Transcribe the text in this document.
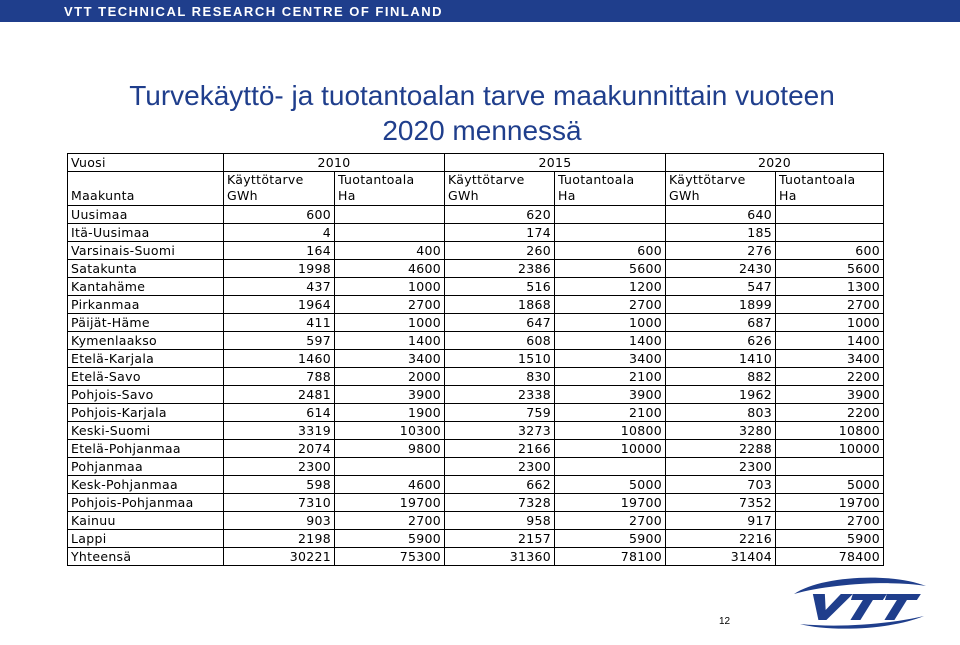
VTT TECHNICAL RESEARCH CENTRE OF FINLAND
Turvekäyttö- ja tuotantoalan tarve maakunnittain vuoteen
2020 mennessä
Vuosi	2010		2015		2020	
	Käyttötarve	Tuotantoala	Käyttötarve	Tuotantoala	Käyttötarve	Tuotantoala
Maakunta	GWh	Ha	GWh	Ha	GWh	Ha
Uusimaa	600		620		640	
Itä-Uusimaa	4		174		185	
Varsinais-Suomi	164	400	260	600	276	600
Satakunta	1998	4600	2386	5600	2430	5600
Kantahäme	437	1000	516	1200	547	1300
Pirkanmaa	1964	2700	1868	2700	1899	2700
Päijät-Häme	411	1000	647	1000	687	1000
Kymenlaakso	597	1400	608	1400	626	1400
Etelä-Karjala	1460	3400	1510	3400	1410	3400
Etelä-Savo	788	2000	830	2100	882	2200
Pohjois-Savo	2481	3900	2338	3900	1962	3900
Pohjois-Karjala	614	1900	759	2100	803	2200
Keski-Suomi	3319	10300	3273	10800	3280	10800
Etelä-Pohjanmaa	2074	9800	2166	10000	2288	10000
Pohjanmaa	2300		2300		2300	
Kesk-Pohjanmaa	598	4600	662	5000	703	5000
Pohjois-Pohjanmaa	7310	19700	7328	19700	7352	19700
Kainuu	903	2700	958	2700	917	2700
Lappi	2198	5900	2157	5900	2216	5900
Yhteensä	30221	75300	31360	78100	31404	78400
12
